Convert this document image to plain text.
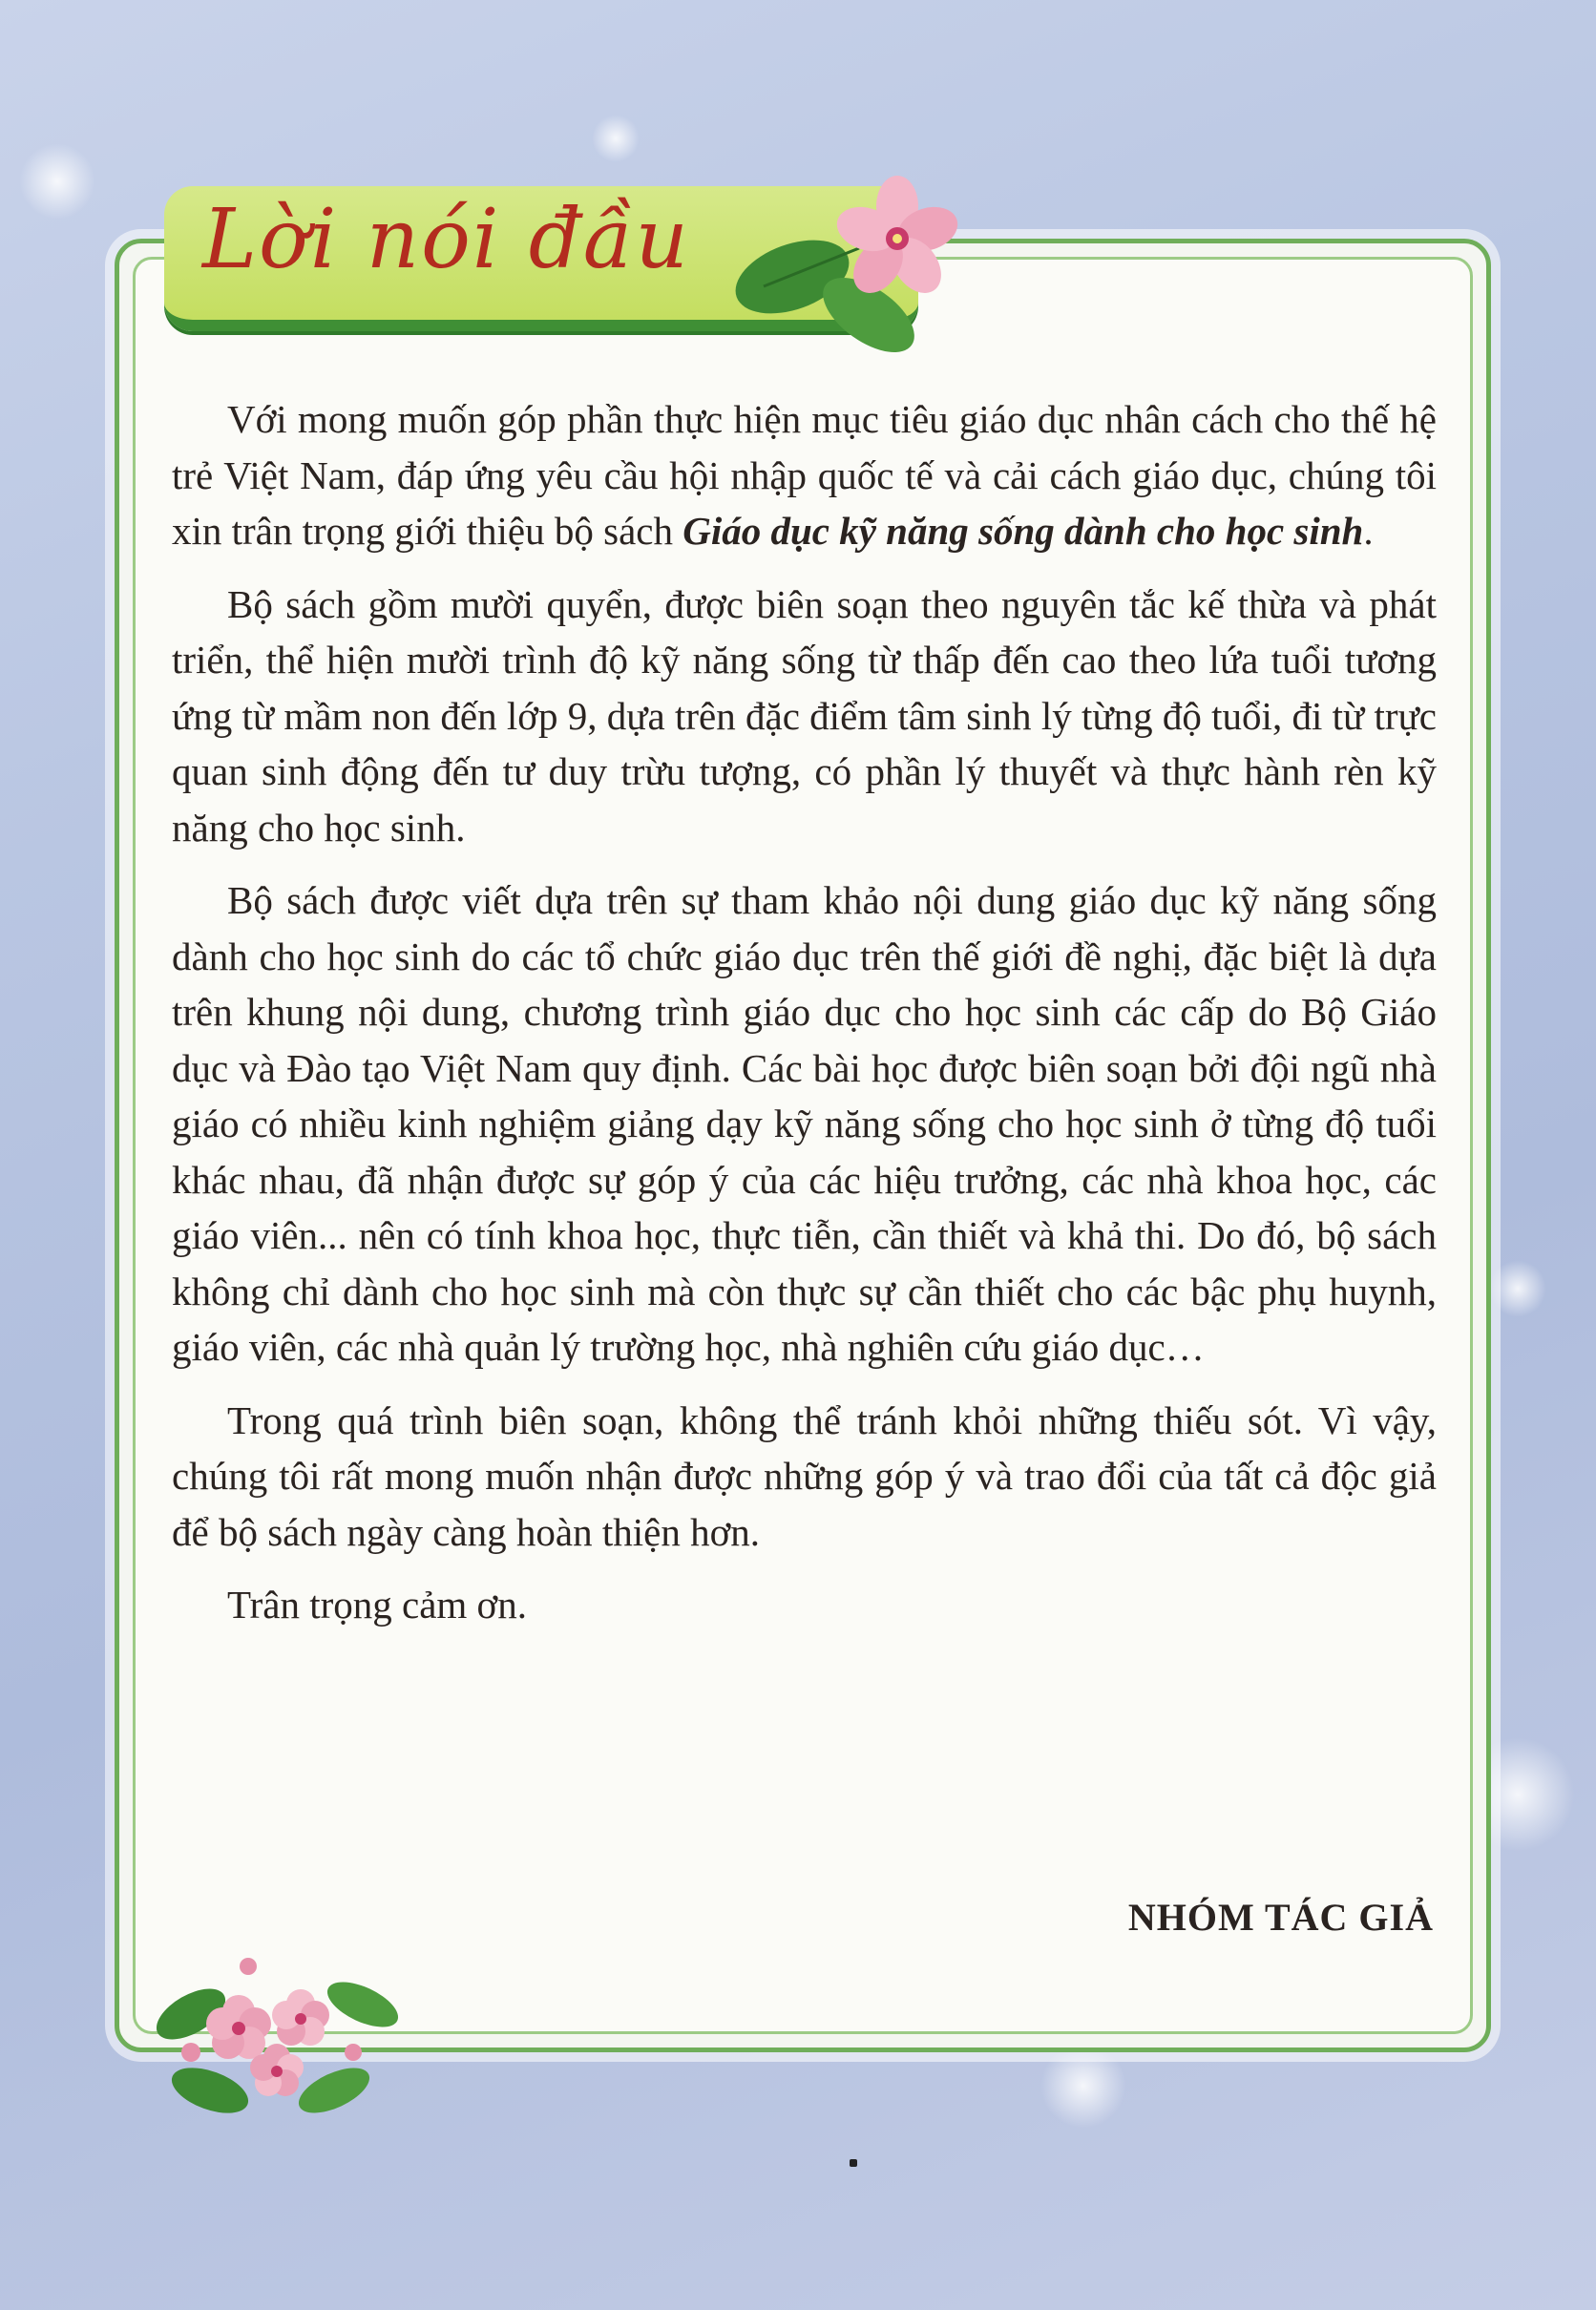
Lời nói đầu

Với mong muốn góp phần thực hiện mục tiêu giáo dục nhân cách cho thế hệ trẻ Việt Nam, đáp ứng yêu cầu hội nhập quốc tế và cải cách giáo dục, chúng tôi xin trân trọng giới thiệu bộ sách Giáo dục kỹ năng sống dành cho học sinh.

Bộ sách gồm mười quyển, được biên soạn theo nguyên tắc kế thừa và phát triển, thể hiện mười trình độ kỹ năng sống từ thấp đến cao theo lứa tuổi tương ứng từ mầm non đến lớp 9, dựa trên đặc điểm tâm sinh lý từng độ tuổi, đi từ trực quan sinh động đến tư duy trừu tượng, có phần lý thuyết và thực hành rèn kỹ năng cho học sinh.

Bộ sách được viết dựa trên sự tham khảo nội dung giáo dục kỹ năng sống dành cho học sinh do các tổ chức giáo dục trên thế giới đề nghị, đặc biệt là dựa trên khung nội dung, chương trình giáo dục cho học sinh các cấp do Bộ Giáo dục và Đào tạo Việt Nam quy định. Các bài học được biên soạn bởi đội ngũ nhà giáo có nhiều kinh nghiệm giảng dạy kỹ năng sống cho học sinh ở từng độ tuổi khác nhau, đã nhận được sự góp ý của các hiệu trưởng, các nhà khoa học, các giáo viên... nên có tính khoa học, thực tiễn, cần thiết và khả thi. Do đó, bộ sách không chỉ dành cho học sinh mà còn thực sự cần thiết cho các bậc phụ huynh, giáo viên, các nhà quản lý trường học, nhà nghiên cứu giáo dục…

Trong quá trình biên soạn, không thể tránh khỏi những thiếu sót. Vì vậy, chúng tôi rất mong muốn nhận được những góp ý và trao đổi của tất cả độc giả để bộ sách ngày càng hoàn thiện hơn.

Trân trọng cảm ơn.

NHÓM TÁC GIẢ
